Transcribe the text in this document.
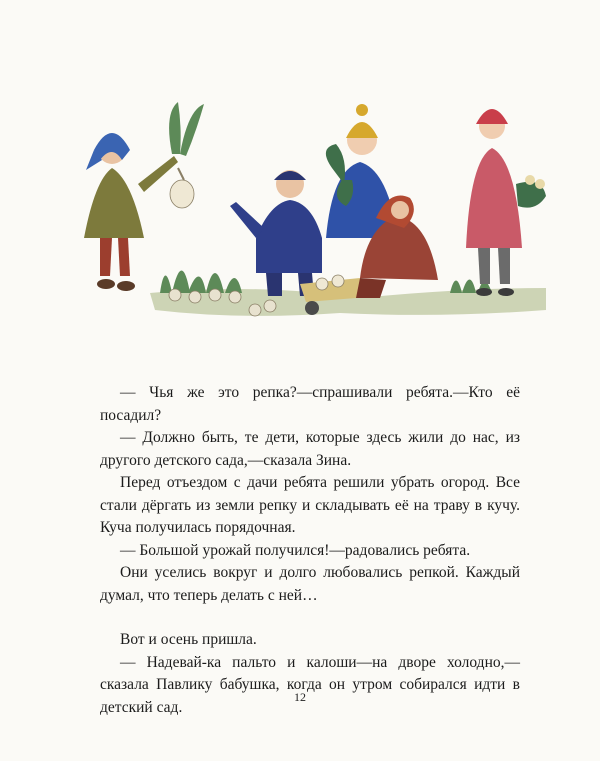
— Чья же это репка?—спрашивали ребята.—Кто её посадил?

— Должно быть, те дети, которые здесь жили до нас, из другого детского сада,—сказала Зина.

Перед отъездом с дачи ребята решили убрать огород. Все стали дёргать из земли репку и складывать её на траву в кучу. Куча получилась порядочная.

— Большой урожай получился!—радовались ребята.

Они уселись вокруг и долго любовались репкой. Каждый думал, что теперь делать с ней…

Вот и осень пришла.

— Надевай-ка пальто и калоши—на дворе холодно,—сказала Павлику бабушка, когда он утром собирался идти в детский сад.

12
